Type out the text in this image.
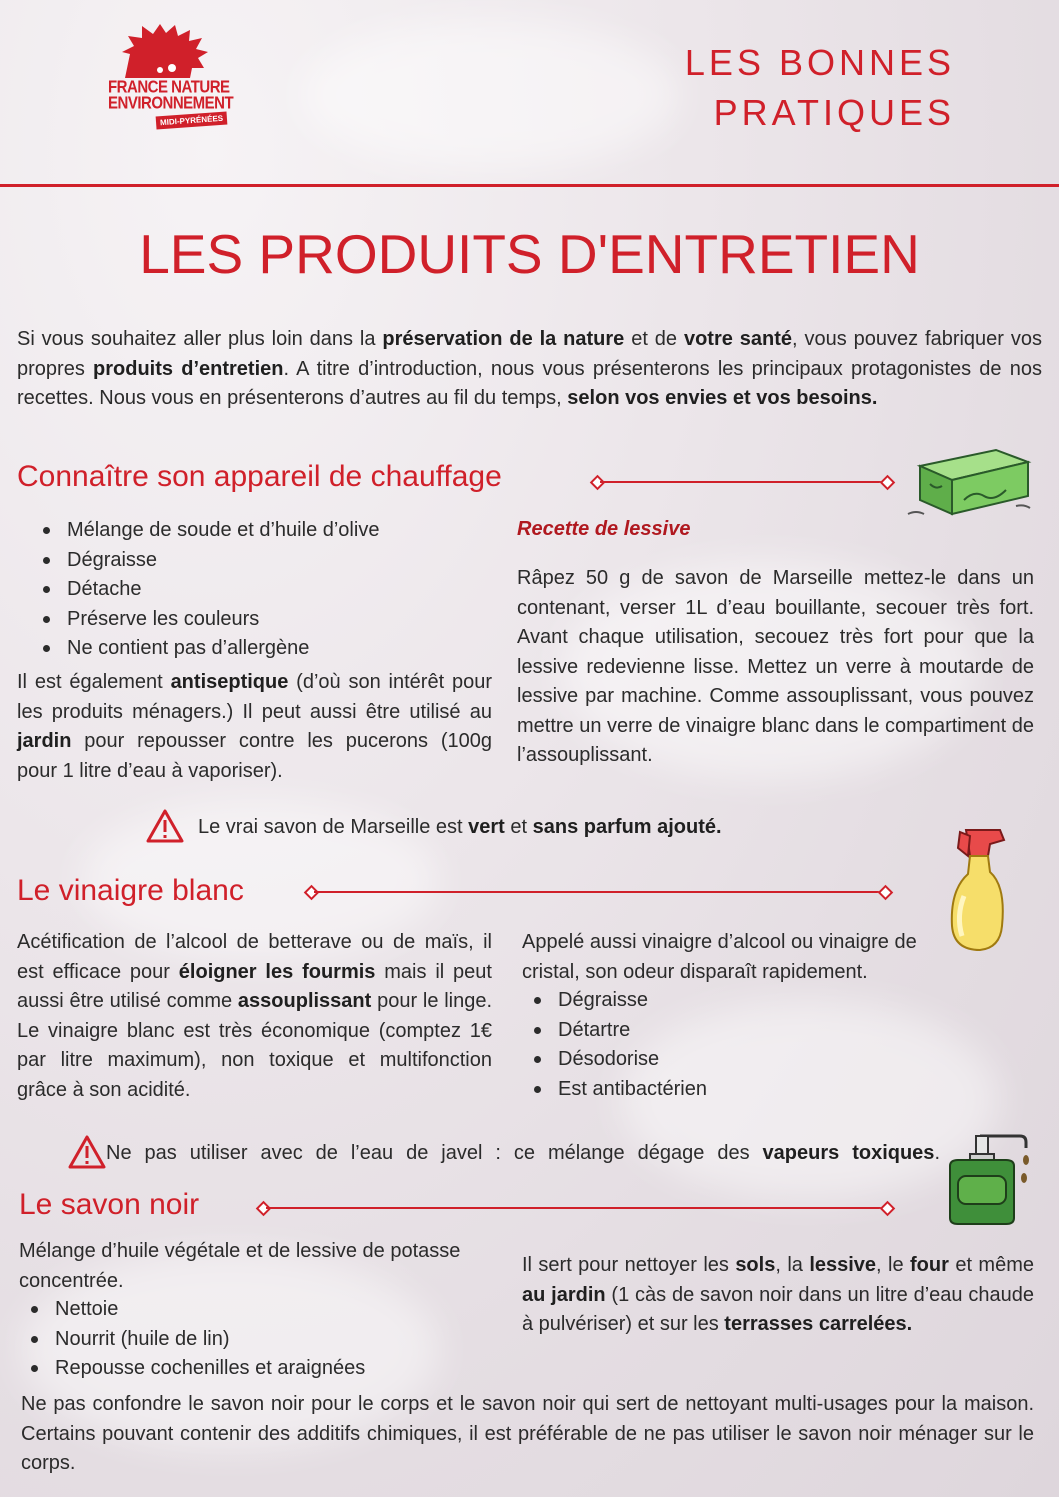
FRANCE NATURE
ENVIRONNEMENT
MIDI-PYRÉNÉES
LES BONNES
PRATIQUES
LES PRODUITS D'ENTRETIEN
Si vous souhaitez aller plus loin dans la préservation de la nature et de votre santé, vous pouvez fabriquer vos propres produits d’entretien. A titre d’introduction, nous vous présenterons les principaux protagonistes de nos recettes. Nous vous en présenterons d’autres au fil du temps, selon vos envies et vos besoins.
Connaître son appareil de chauffage
Mélange de soude et d’huile d’olive
Dégraisse
Détache
Préserve les couleurs
Ne contient pas d’allergène
Il est également antiseptique (d’où son intérêt pour les produits ménagers.) Il peut aussi être utilisé au jardin pour repousser contre les pucerons (100g pour 1 litre d’eau à vaporiser).
Recette de lessive
Râpez 50 g de savon de Marseille mettez-le dans un contenant, verser 1L d’eau bouillante, secouer très fort. Avant chaque utilisation, secouez très fort pour que la lessive redevienne lisse. Mettez un verre à moutarde de lessive par machine. Comme assouplissant, vous pouvez mettre un verre de vinaigre blanc dans le compartiment de l’assouplissant.
Le vrai savon de Marseille est vert et sans parfum ajouté.
Le vinaigre blanc
Acétification de l’alcool de betterave ou de maïs, il est efficace pour éloigner les fourmis mais il peut aussi être utilisé comme assouplissant pour le linge. Le vinaigre blanc est très économique (comptez 1€ par litre maximum), non toxique et multifonction grâce à son acidité.
Appelé aussi vinaigre d’alcool ou vinaigre de cristal, son odeur disparaît rapidement.
Dégraisse
Détartre
Désodorise
Est antibactérien
Ne pas utiliser avec de l’eau de javel : ce mélange dégage des vapeurs toxiques.
Le savon noir
Mélange d’huile végétale et de lessive de potasse concentrée.
Nettoie
Nourrit (huile de lin)
Repousse cochenilles et araignées
Il sert pour nettoyer les sols, la lessive, le four et même au jardin (1 càs de savon noir dans un litre d’eau chaude à pulvériser) et sur les terrasses carrelées.
Ne pas confondre le savon noir pour le corps et le savon noir qui sert de nettoyant multi-usages pour la maison. Certains pouvant contenir des additifs chimiques, il est préférable de ne pas utiliser le savon noir ménager sur le corps.
